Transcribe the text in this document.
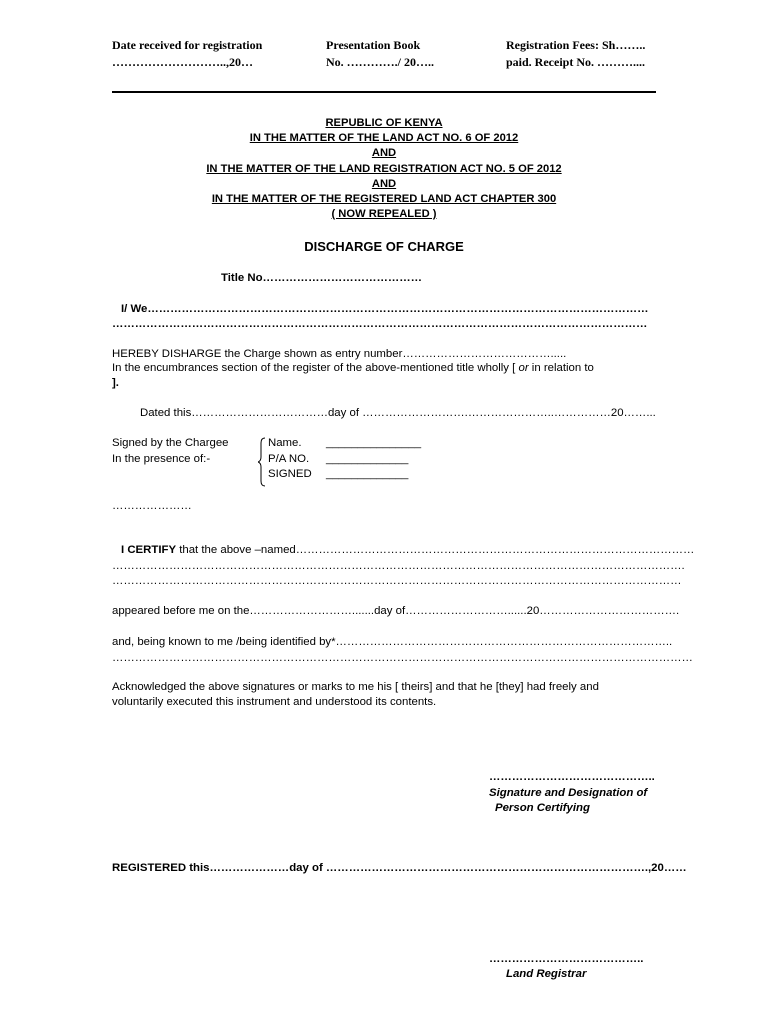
Date received for registration
………………………..,20…
Presentation Book
No. …………./ 20…..
Registration Fees: Sh……..
paid. Receipt No. ………....
REPUBLIC OF KENYA
IN THE MATTER OF THE LAND ACT NO. 6 OF 2012
AND
IN THE MATTER OF THE LAND REGISTRATION ACT NO. 5 OF 2012
AND
IN THE MATTER OF THE REGISTERED LAND ACT CHAPTER 300
( NOW REPEALED )
DISCHARGE OF CHARGE
Title No……………………………………
I/ We……………………………………………………………………………………………………………………
……………………………………………………………………………………………………………………………
HEREBY DISHARGE the Charge shown as entry number………………………………….....
In the encumbrances section of the register of the above-mentioned title wholly [ or in relation to
].
Dated this………………………………day of ……………………….…………………..……………20……...
Signed by the Chargee
In the presence of:-
Name. _______________
P/A NO. _____________
SIGNED _____________
…………………
I CERTIFY that the above –named……………………………………………………………………………………………
…………………………………………………………………………………………………………………………………….
……………………………………………………………………………………………………………………………………
appeared before me on the……………………….......day of………………………......20……………………………….
and, being known to me /being identified by*……………………………………………………………………………..
………………………………………………………………………………………………………………………………………
Acknowledged the above signatures or marks to me his [ theirs] and that he [they] had freely and
voluntarily executed this instrument and understood its contents.
……………………………………..
Signature and Designation of
Person Certifying
REGISTERED this…………………day of ………………………………………………………………………….,20……
…………………………………..
Land Registrar
